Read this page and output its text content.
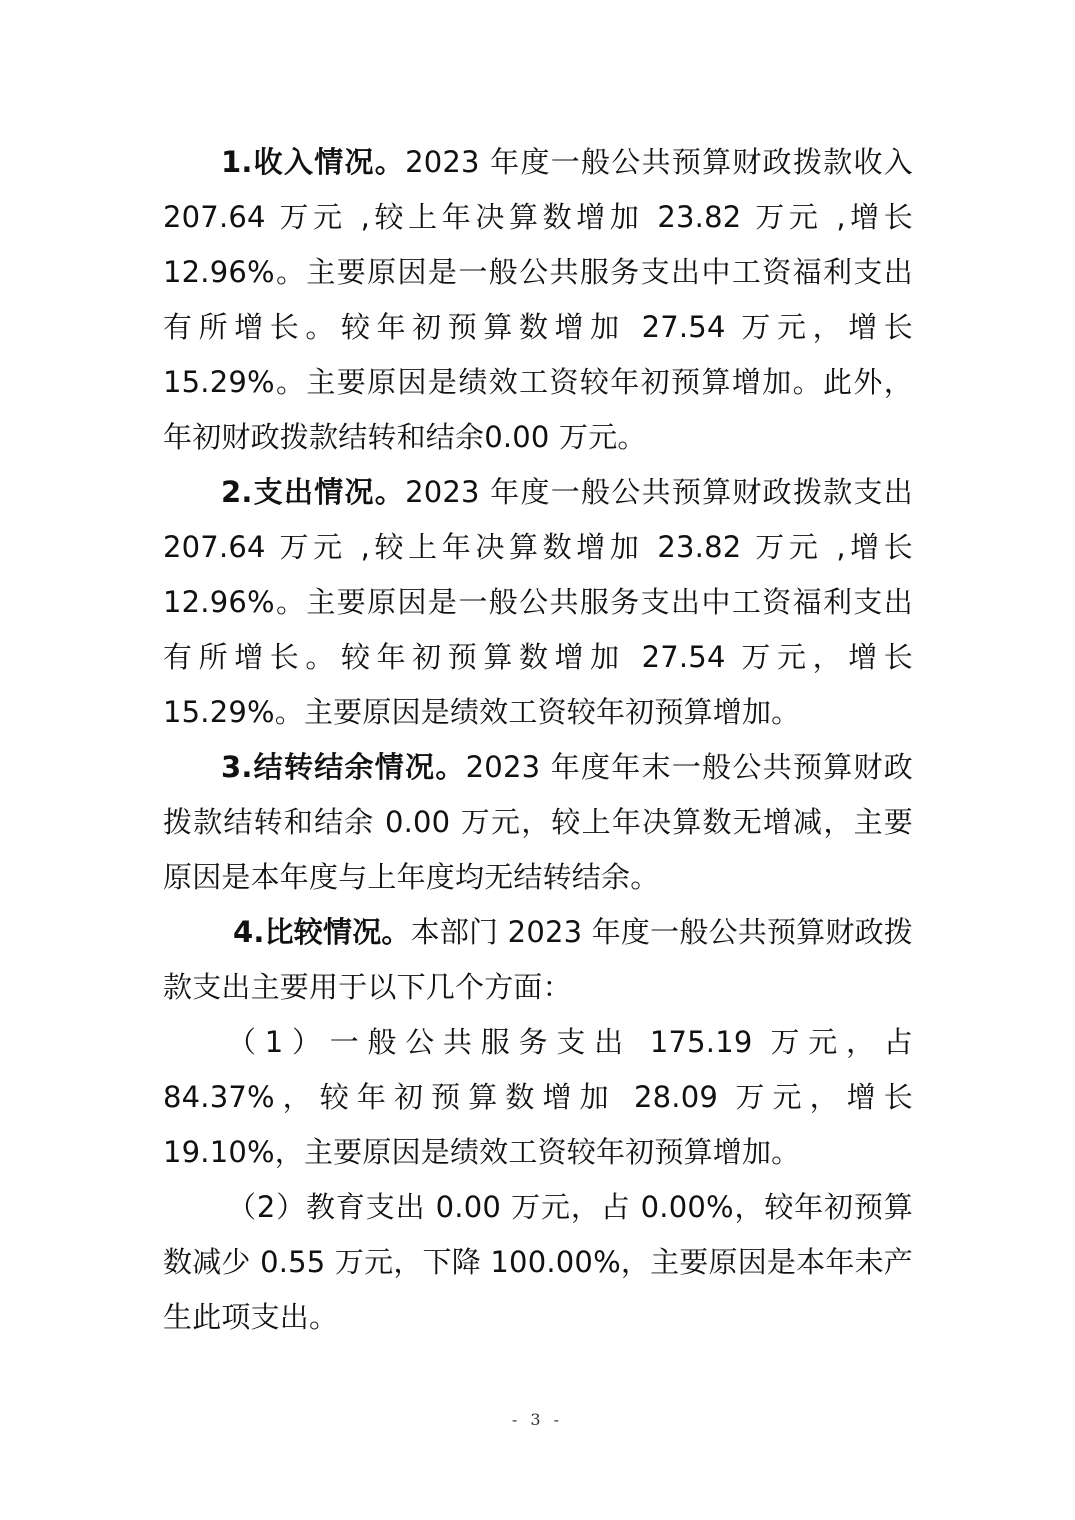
1.收入情况。2023 年度一般公共预算财政拨款收入207.64 万元 ,较上年决算数增加 23.82 万元 ,增长 12.96%。主要原因是一般公共服务支出中工资福利支出有所增长。较年初预算数增加 27.54 万元，增长 15.29%。主要原因是绩效工资较年初预算增加。此外，年初财政拨款结转和结余0.00 万元。

2.支出情况。2023 年度一般公共预算财政拨款支出207.64 万元 ,较上年决算数增加 23.82 万元 ,增长 12.96%。主要原因是一般公共服务支出中工资福利支出有所增长。较年初预算数增加 27.54 万元，增长 15.29%。主要原因是绩效工资较年初预算增加。

3.结转结余情况。2023 年度年末一般公共预算财政拨款结转和结余 0.00 万元，较上年决算数无增减，主要原因是本年度与上年度均无结转结余。

4.比较情况。本部门 2023 年度一般公共预算财政拨款支出主要用于以下几个方面：

（1）一般公共服务支出 175.19 万元，占 84.37%，较年初预算数增加 28.09 万元，增长 19.10%，主要原因是绩效工资较年初预算增加。

（2）教育支出 0.00 万元，占 0.00%，较年初预算数减少 0.55 万元，下降 100.00%，主要原因是本年未产生此项支出。

- 3 -
